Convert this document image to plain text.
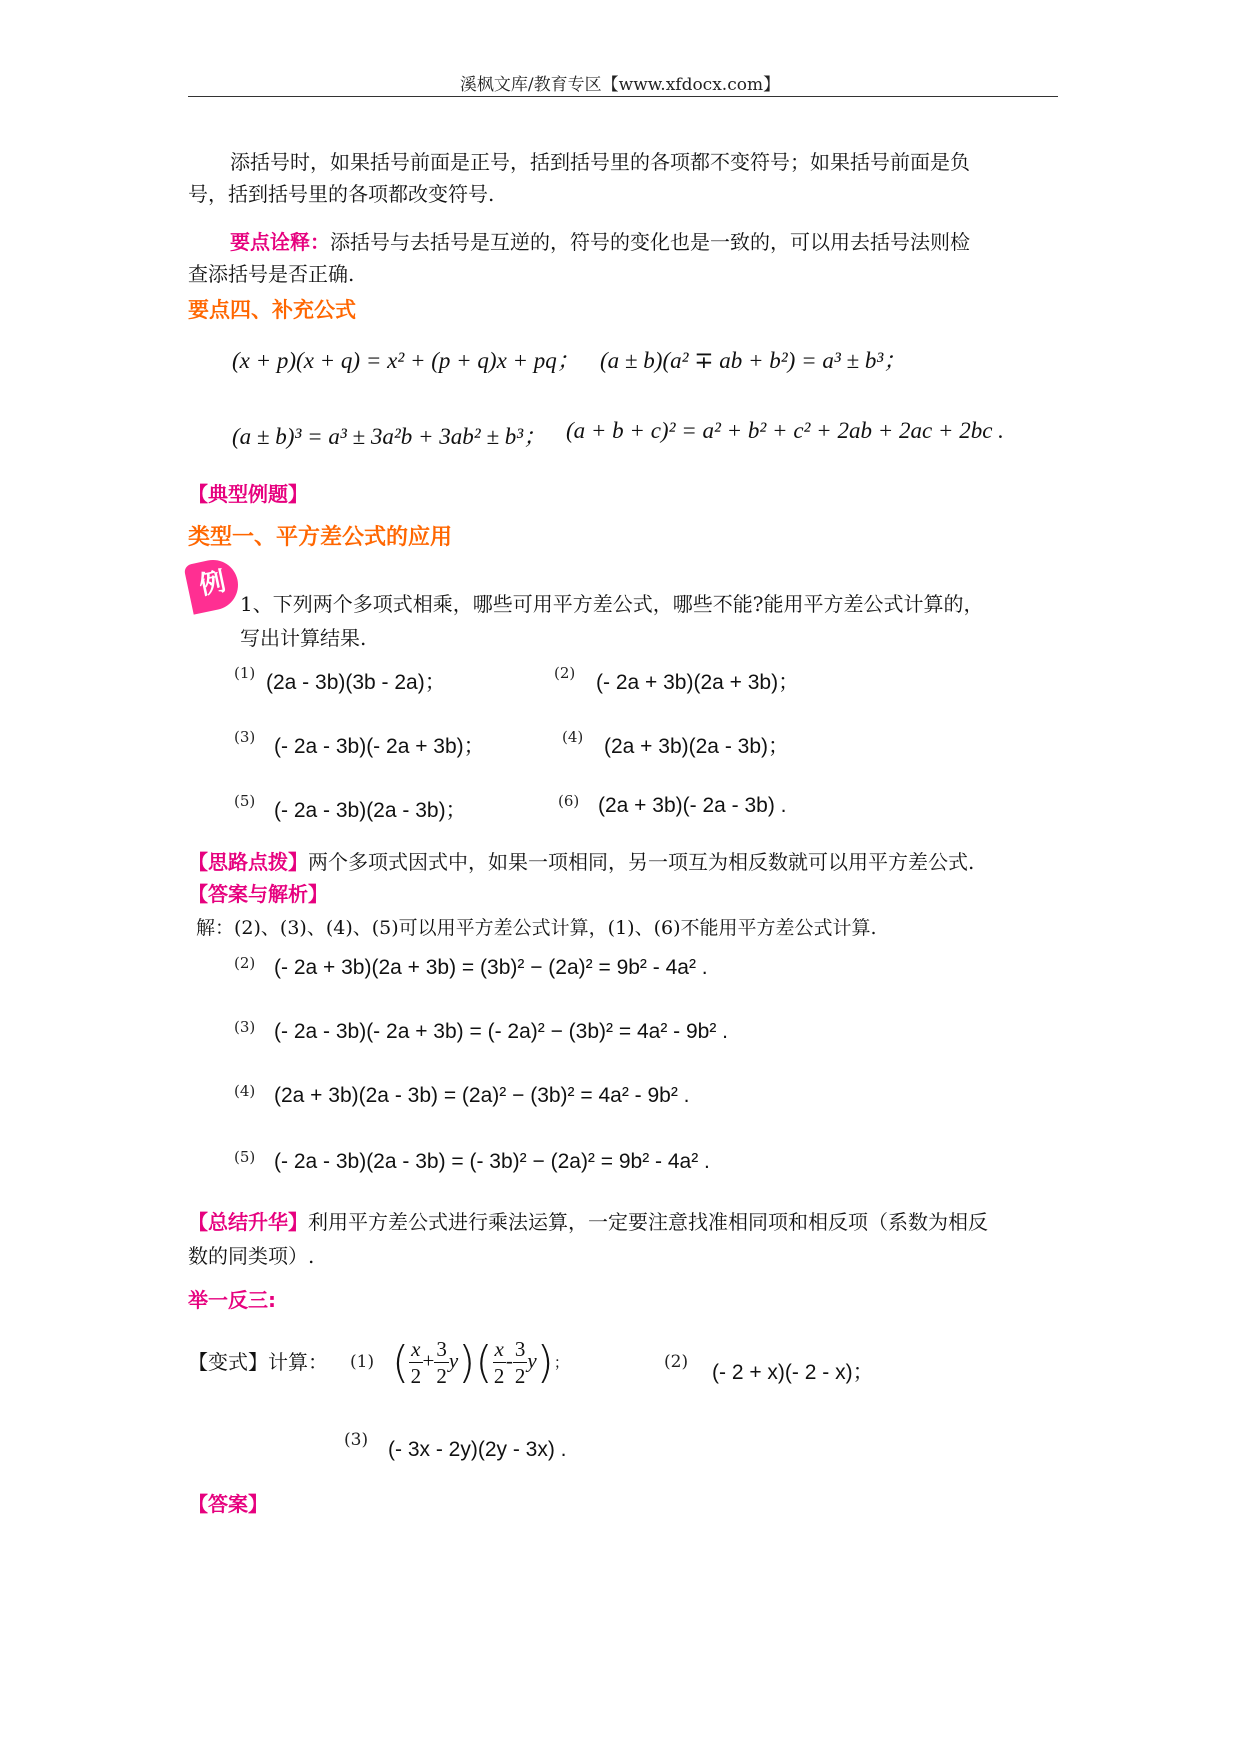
溪枫文库/教育专区【www.xfdocx.com】
添括号时，如果括号前面是正号，括到括号里的各项都不变符号；如果括号前面是负
号，括到括号里的各项都改变符号.
要点诠释：添括号与去括号是互逆的，符号的变化也是一致的，可以用去括号法则检
查添括号是否正确.
要点四、补充公式
(x + p)(x + q) = x² + (p + q)x + pq； (a ± b)(a² ∓ ab + b²) = a³ ± b³；
(a ± b)³ = a³ ± 3a²b + 3ab² ± b³； (a + b + c)² = a² + b² + c² + 2ab + 2ac + 2bc .
【典型例题】
类型一、平方差公式的应用
例
1、下列两个多项式相乘，哪些可用平方差公式，哪些不能?能用平方差公式计算的，
写出计算结果.
(1) (2a - 3b)(3b - 2a)；	(2) (- 2a + 3b)(2a + 3b)；
(3) (- 2a - 3b)(- 2a + 3b)；	(4) (2a + 3b)(2a - 3b)；
(5) (- 2a - 3b)(2a - 3b)；	(6) (2a + 3b)(- 2a - 3b) .
【思路点拨】两个多项式因式中，如果一项相同，另一项互为相反数就可以用平方差公式.
【答案与解析】
解：(2)、(3)、(4)、(5)可以用平方差公式计算，(1)、(6)不能用平方差公式计算.
(2) (- 2a + 3b)(2a + 3b) = (3b)² − (2a)² = 9b² - 4a² .
(3) (- 2a - 3b)(- 2a + 3b) = (- 2a)² − (3b)² = 4a² - 9b² .
(4) (2a + 3b)(2a - 3b) = (2a)² − (3b)² = 4a² - 9b² .
(5) (- 2a - 3b)(2a - 3b) = (- 3b)² − (2a)² = 9b² - 4a² .
【总结升华】利用平方差公式进行乘法运算，一定要注意找准相同项和相反项（系数为相反
数的同类项）.
举一反三:
【变式】计算： (1) ( $\frac{x}{2} + \frac{3}{2} y)( \frac{x}{2} - \frac{3}{2} y)$；	(2) (- 2 + x)(- 2 - x)；
(3) (- 3x - 2y)(2y - 3x) .
【答案】
